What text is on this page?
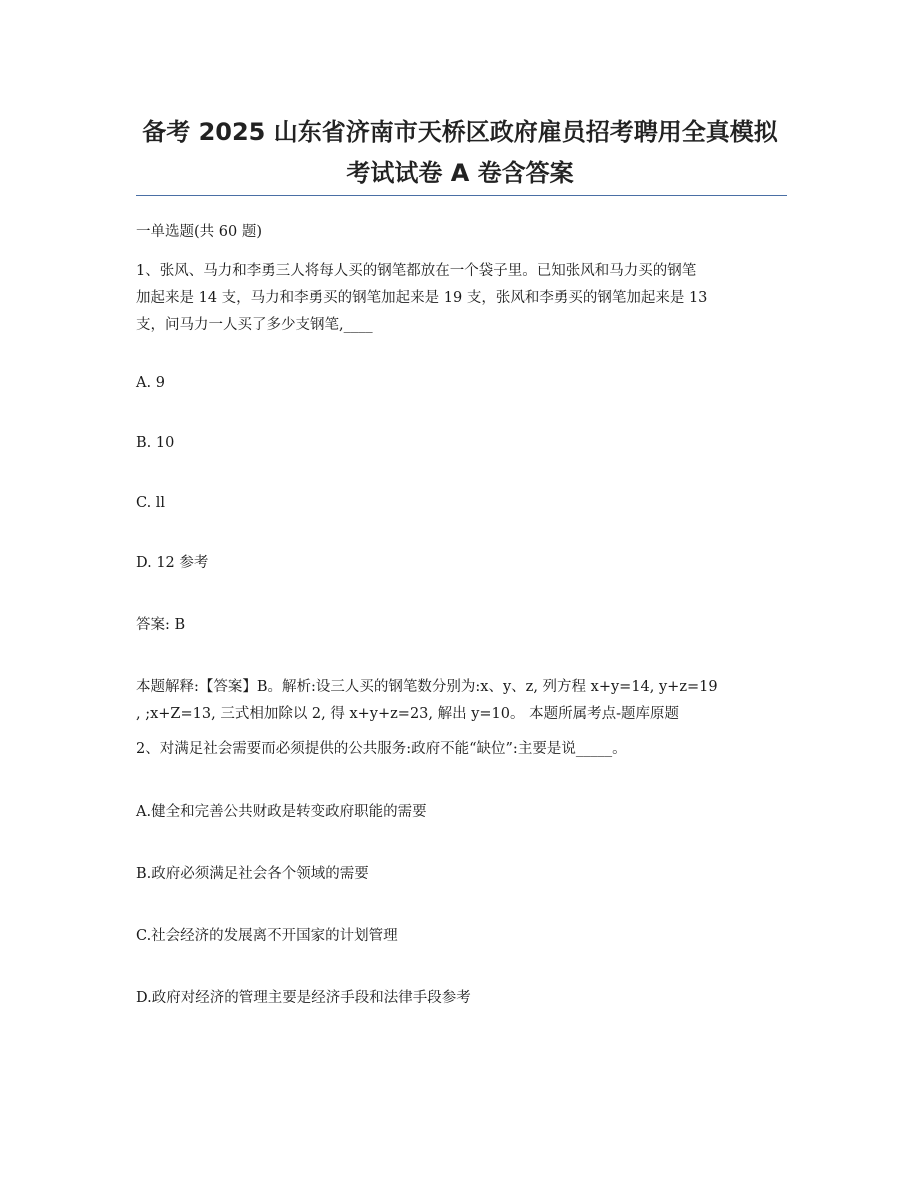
备考 2025 山东省济南市天桥区政府雇员招考聘用全真模拟
考试试卷 A 卷含答案
一单选题(共 60 题)
1、张风、马力和李勇三人将每人买的钢笔都放在一个袋子里。已知张风和马力买的钢笔
加起来是 14 支，马力和李勇买的钢笔加起来是 19 支，张风和李勇买的钢笔加起来是 13
支，问马力一人买了多少支钢笔,____
A. 9
B. 10
C. ll
D. 12 参考
答案: B
本题解释:【答案】B。解析:设三人买的钢笔数分别为:x、y、z, 列方程 x+y=14, y+z=19
, ;x+Z=13, 三式相加除以 2, 得 x+y+z=23, 解出 y=10。 本题所属考点-题库原题
2、对满足社会需要而必须提供的公共服务:政府不能“缺位”:主要是说_____。
A.健全和完善公共财政是转变政府职能的需要
B.政府必须满足社会各个领域的需要
C.社会经济的发展离不开国家的计划管理
D.政府对经济的管理主要是经济手段和法律手段参考
